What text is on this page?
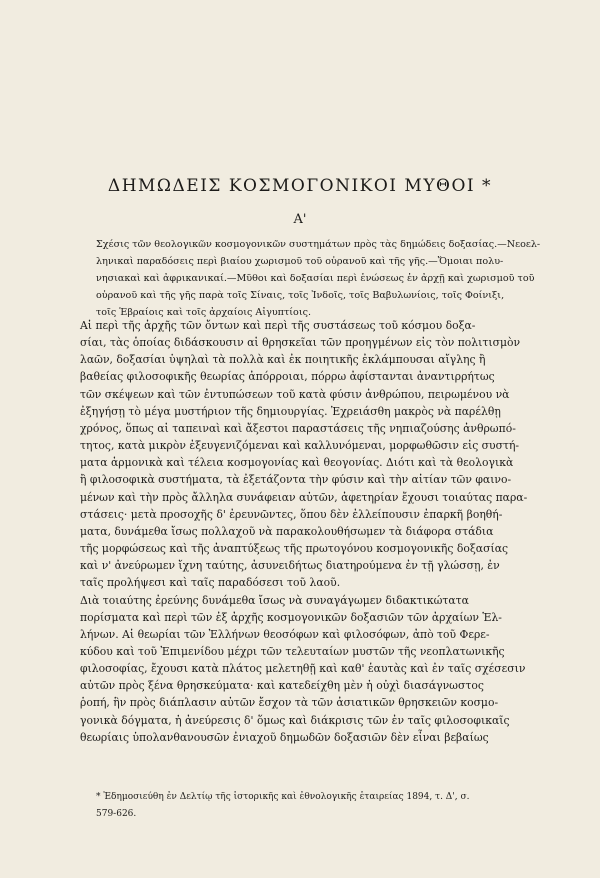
ΔΗΜΩΔΕΙΣ ΚΟΣΜΟΓΟΝΙΚΟΙ ΜΥΘΟΙ *
Α'
Σχέσις τῶν θεολογικῶν κοσμογονικῶν συστημάτων πρὸς τὰς δημώδεις δοξασίας.—Νεοελ-
ληνικαὶ παραδόσεις περὶ βιαίου χωρισμοῦ τοῦ οὐρανοῦ καὶ τῆς γῆς.—Ὅμοιαι πολυ-
νησιακαὶ καὶ ἀφρικανικαί.—Μῦθοι καὶ δοξασίαι περὶ ἑνώσεως ἐν ἀρχῇ καὶ χωρισμοῦ τοῦ
οὐρανοῦ καὶ τῆς γῆς παρὰ τοῖς Σίναις, τοῖς Ἰνδοῖς, τοῖς Βαβυλωνίοις, τοῖς Φοίνιξι,
τοῖς Ἑβραίοις καὶ τοῖς ἀρχαίοις Αἰγυπτίοις.
Αἱ περὶ τῆς ἀρχῆς τῶν ὄντων καὶ περὶ τῆς συστάσεως τοῦ κόσμου δοξα-
σίαι, τὰς ὁποίας διδάσκουσιν αἱ θρησκεῖαι τῶν προηγμένων εἰς τὸν πολιτισμὸν
λαῶν, δοξασίαι ὑψηλαὶ τὰ πολλὰ καὶ ἐκ ποιητικῆς ἐκλάμπουσαι αἴγλης ἢ
βαθείας φιλοσοφικῆς θεωρίας ἀπόρροιαι, πόρρω ἀφίστανται ἀναντιρρήτως
τῶν σκέψεων καὶ τῶν ἐντυπώσεων τοῦ κατὰ φύσιν ἀνθρώπου, πειρωμένου νὰ
ἐξηγήσῃ τὸ μέγα μυστήριον τῆς δημιουργίας. Ἐχρειάσθη μακρὸς νὰ παρέλθῃ
χρόνος, ὅπως αἱ ταπειναὶ καὶ ἄξεστοι παραστάσεις τῆς νηπιαζούσης ἀνθρωπό-
τητος, κατὰ μικρὸν ἐξευγενιζόμεναι καὶ καλλυνόμεναι, μορφωθῶσιν εἰς συστή-
ματα ἁρμονικὰ καὶ τέλεια κοσμογονίας καὶ θεογονίας. Διότι καὶ τὰ θεολογικὰ
ἢ φιλοσοφικὰ συστήματα, τὰ ἐξετάζοντα τὴν φύσιν καὶ τὴν αἰτίαν τῶν φαινο-
μένων καὶ τὴν πρὸς ἄλληλα συνάφειαν αὐτῶν, ἀφετηρίαν ἔχουσι τοιαύτας παρα-
στάσεις· μετὰ προσοχῆς δ' ἐρευνῶντες, ὅπου δὲν ἐλλείπουσιν ἐπαρκῆ βοηθή-
ματα, δυνάμεθα ἴσως πολλαχοῦ νὰ παρακολουθήσωμεν τὰ διάφορα στάδια
τῆς μορφώσεως καὶ τῆς ἀναπτύξεως τῆς πρωτογόνου κοσμογονικῆς δοξασίας
καὶ ν' ἀνεύρωμεν ἴχνη ταύτης, ἀσυνειδήτως διατηρούμενα ἐν τῇ γλώσσῃ, ἐν
ταῖς προλήψεσι καὶ ταῖς παραδόσεσι τοῦ λαοῦ.
Διὰ τοιαύτης ἐρεύνης δυνάμεθα ἴσως νὰ συναγάγωμεν διδακτικώτατα
πορίσματα καὶ περὶ τῶν ἐξ ἀρχῆς κοσμογονικῶν δοξασιῶν τῶν ἀρχαίων Ἑλ-
λήνων. Αἱ θεωρίαι τῶν Ἑλλήνων θεοσόφων καὶ φιλοσόφων, ἀπὸ τοῦ Φερε-
κύδου καὶ τοῦ Ἐπιμενίδου μέχρι τῶν τελευταίων μυστῶν τῆς νεοπλατωνικῆς
φιλοσοφίας, ἔχουσι κατὰ πλάτος μελετηθῇ καὶ καθ' ἑαυτὰς καὶ ἐν ταῖς σχέσεσιν
αὐτῶν πρὸς ξένα θρησκεύματα· καὶ κατεδείχθη μὲν ἡ οὐχὶ διασάγνωστος
ῥοπή, ἣν πρὸς διάπλασιν αὐτῶν ἔσχον τὰ τῶν ἀσιατικῶν θρησκειῶν κοσμο-
γονικὰ δόγματα, ἡ ἀνεύρεσις δ' ὅμως καὶ διάκρισις τῶν ἐν ταῖς φιλοσοφικαῖς
θεωρίαις ὑπολανθανουσῶν ἐνιαχοῦ δημωδῶν δοξασιῶν δὲν εἶναι βεβαίως
* Ἐδημοσιεύθη ἐν Δελτίῳ τῆς ἱστορικῆς καὶ ἐθνολογικῆς ἑταιρείας 1894, τ. Δ', σ.
579-626.
